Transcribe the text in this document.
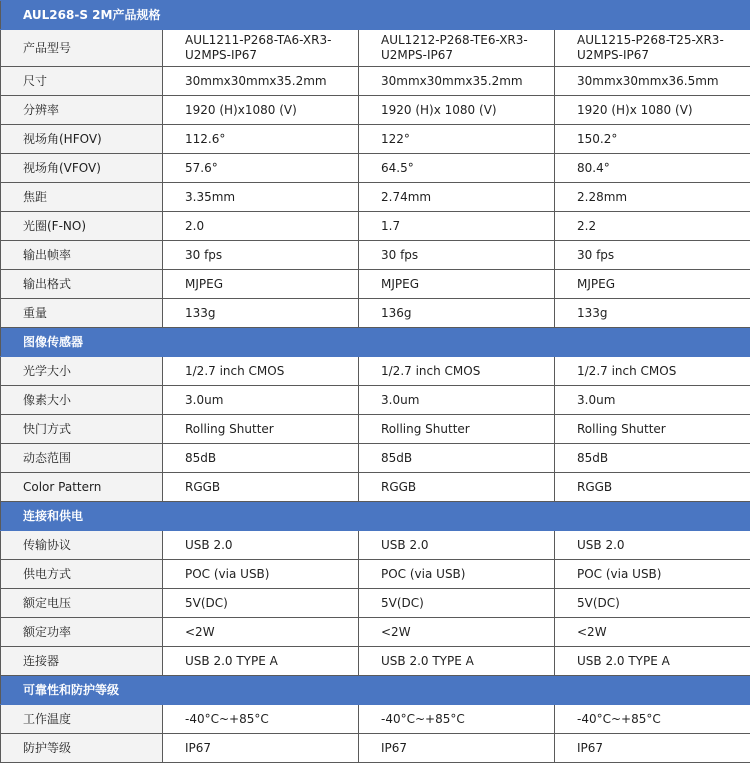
AUL268-S 2M产品规格			
产品型号	AUL1211-P268-TA6-XR3-U2MPS-IP67	AUL1212-P268-TE6-XR3-U2MPS-IP67	AUL1215-P268-T25-XR3-U2MPS-IP67
尺寸	30mmx30mmx35.2mm	30mmx30mmx35.2mm	30mmx30mmx36.5mm
分辨率	1920 (H)x1080 (V)	1920 (H)x 1080 (V)	1920 (H)x 1080 (V)
视场角(HFOV)	112.6°	122°	150.2°
视场角(VFOV)	57.6°	64.5°	80.4°
焦距	3.35mm	2.74mm	2.28mm
光圈(F-NO)	2.0	1.7	2.2
输出帧率	30 fps	30 fps	30 fps
输出格式	MJPEG	MJPEG	MJPEG
重量	133g	136g	133g
图像传感器			
光学大小	1/2.7 inch CMOS	1/2.7 inch CMOS	1/2.7 inch CMOS
像素大小	3.0um	3.0um	3.0um
快门方式	Rolling Shutter	Rolling Shutter	Rolling Shutter
动态范围	85dB	85dB	85dB
Color Pattern	RGGB	RGGB	RGGB
连接和供电			
传输协议	USB 2.0	USB 2.0	USB 2.0
供电方式	POC (via USB)	POC (via USB)	POC (via USB)
额定电压	5V(DC)	5V(DC)	5V(DC)
额定功率	<2W	<2W	<2W
连接器	USB 2.0 TYPE A	USB 2.0 TYPE A	USB 2.0 TYPE A
可靠性和防护等级			
工作温度	-40°C~+85°C	-40°C~+85°C	-40°C~+85°C
防护等级	IP67	IP67	IP67
